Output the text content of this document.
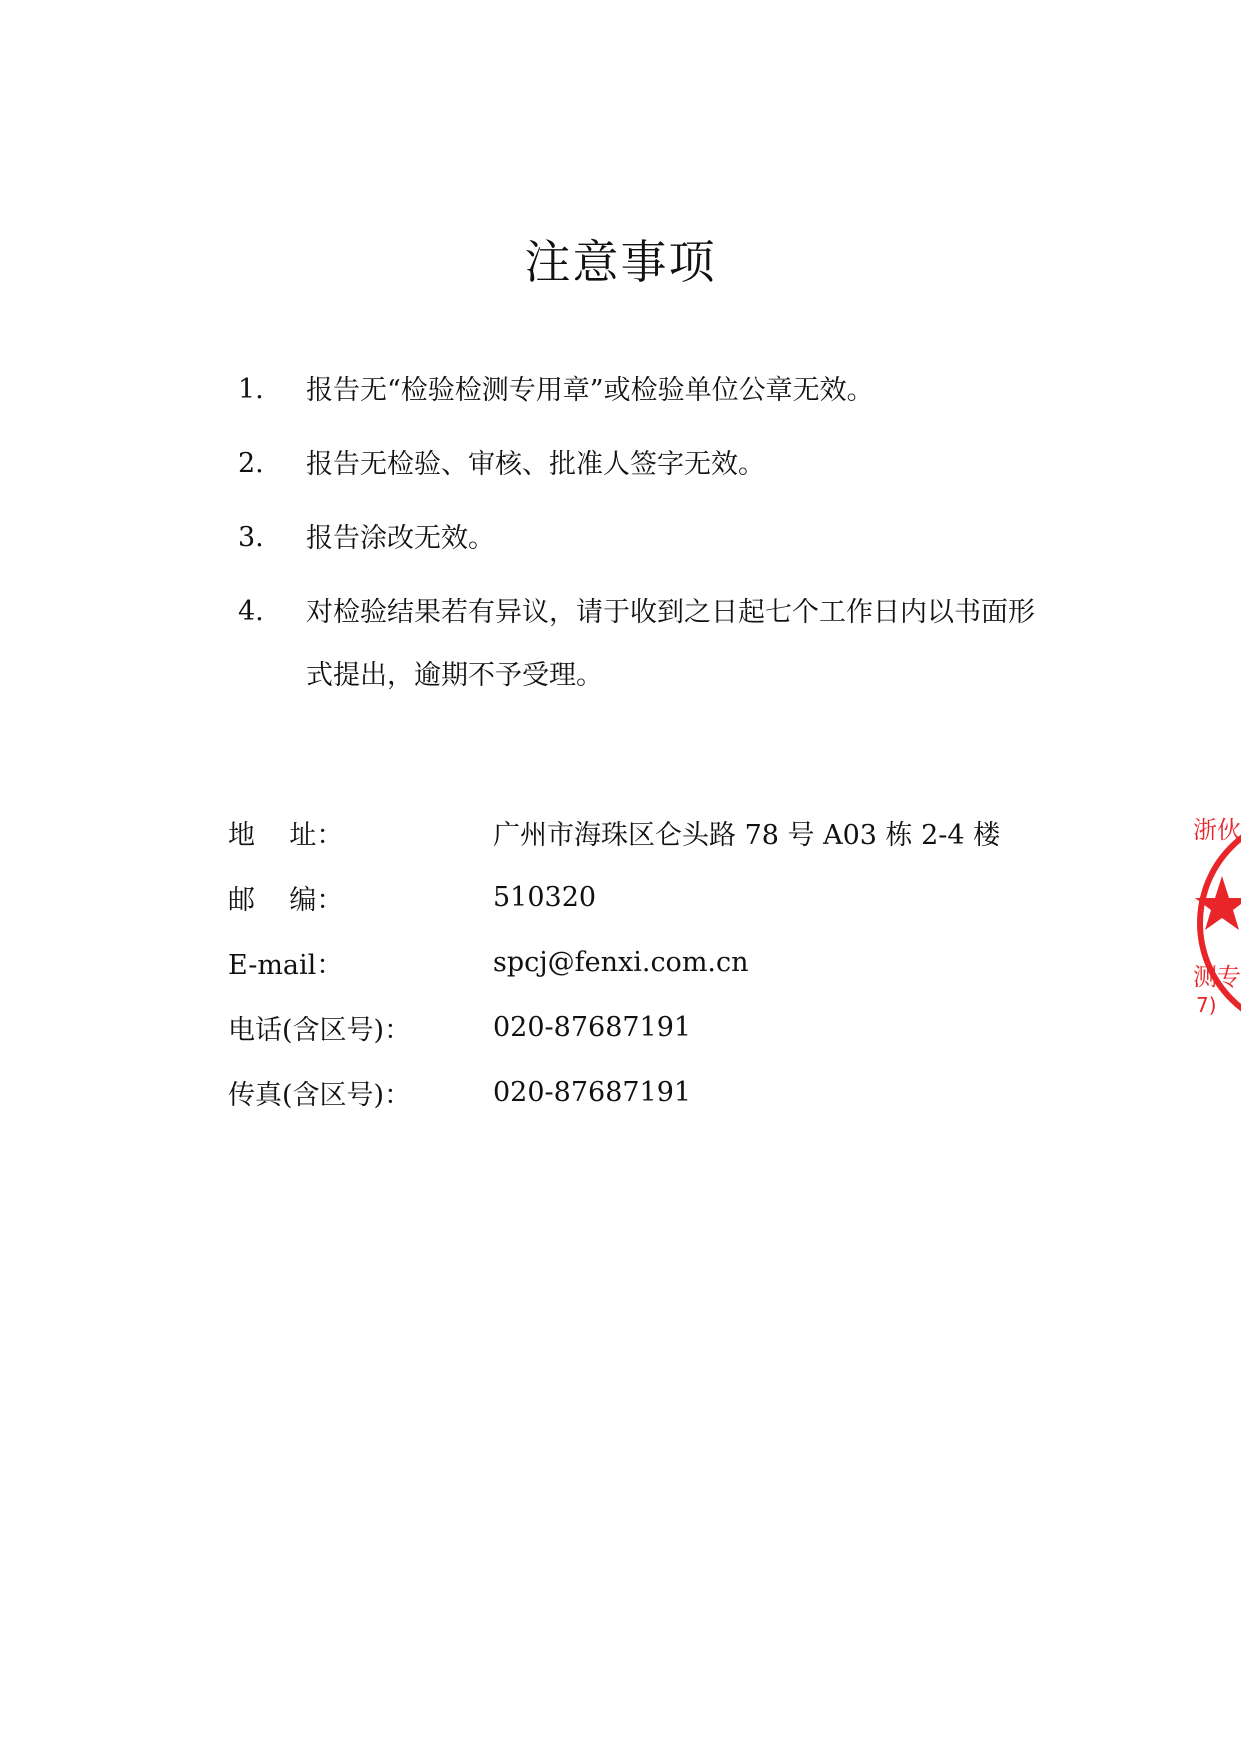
注意事项
1.	报告无“检验检测专用章”或检验单位公章无效。
2.	报告无检验、审核、批准人签字无效。
3.	报告涂改无效。
4.	对检验结果若有异议，请于收到之日起七个工作日内以书面形式提出，逾期不予受理。
地    址：	广州市海珠区仑头路 78 号 A03 栋 2-4 楼
邮    编：	510320
E-mail：	spcj@fenxi.com.cn
电话(含区号)：	020-87687191
传真(含区号)：	020-87687191
浙伙
测专
7)
